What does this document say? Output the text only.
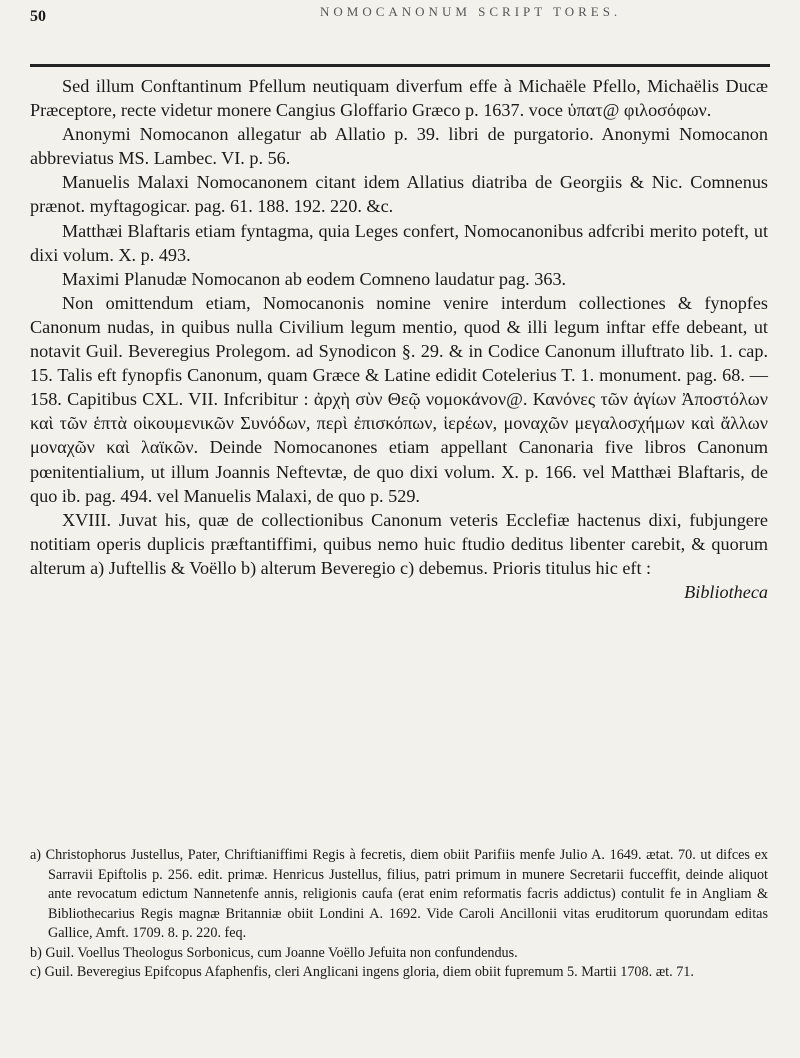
50	NOMOCANONUM SCRIPT TORES.

Sed illum Conftantinum Pfellum neutiquam diverfum effe à Michaële Pfello, Michaëlis Ducæ Præceptore, recte videtur monere Cangius Gloffario Græco p. 1637. voce ὑπατ@ φιλοσόφων.

Anonymi Nomocanon allegatur ab Allatio p. 39. libri de purgatorio. Anonymi Nomocanon abbreviatus MS. Lambec. VI. p. 56.

Manuelis Malaxi Nomocanonem citant idem Allatius diatriba de Georgiis & Nic. Comnenus prænot. myftagogicar. pag. 61. 188. 192. 220. &c.

Matthæi Blaftaris etiam fyntagma, quia Leges confert, Nomocanonibus adfcribi merito poteft, ut dixi volum. X. p. 493.

Maximi Planudæ Nomocanon ab eodem Comneno laudatur pag. 363.

Non omittendum etiam, Nomocanonis nomine venire interdum collectiones & fynopfes Canonum nudas, in quibus nulla Civilium legum mentio, quod & illi legum inftar effe debeant, ut notavit Guil. Beveregius Prolegom. ad Synodicon §. 29. & in Codice Canonum illuftrato lib. 1. cap. 15. Talis eft fynopfis Canonum, quam Græce & Latine edidit Cotelerius T. 1. monument. pag. 68. — 158. Capitibus CXL. VII. Infcribitur : ἀρχὴ σὺν Θεῷ νομοκάνον@. Κανόνες τῶν ἁγίων Ἀποστόλων καὶ τῶν ἑπτὰ οἰκουμενικῶν Συνόδων, περὶ ἐπισκόπων, ἱερέων, μοναχῶν μεγαλοσχήμων καὶ ἄλλων μοναχῶν καὶ λαϊκῶν. Deinde Nomocanones etiam appellant Canonaria five libros Canonum pœnitentialium, ut illum Joannis Neftevtæ, de quo dixi volum. X. p. 166. vel Matthæi Blaftaris, de quo ib. pag. 494. vel Manuelis Malaxi, de quo p. 529.

XVIII. Juvat his, quæ de collectionibus Canonum veteris Ecclefiæ hactenus dixi, fubjungere notitiam operis duplicis præftantiffimi, quibus nemo huic ftudio deditus libenter carebit, & quorum alterum a) Juftellis & Voëllo b) alterum Beveregio c) debemus. Prioris titulus hic eft :

Bibliotheca

a) Christophorus Justellus, Pater, Chriftianiffimi Regis à fecretis, diem obiit Parifiis menfe Julio A. 1649. ætat. 70. ut difces ex Sarravii Epiftolis p. 256. edit. primæ. Henricus Justellus, filius, patri primum in munere Secretarii fucceffit, deinde aliquot ante revocatum edictum Nannetenfe annis, religionis caufa (erat enim reformatis facris addictus) contulit fe in Angliam & Bibliothecarius Regis magnæ Britanniæ obiit Londini A. 1692. Vide Caroli Ancillonii vitas eruditorum quorundam editas Gallice, Amft. 1709. 8. p. 220. feq.

b) Guil. Voellus Theologus Sorbonicus, cum Joanne Voëllo Jefuita non confundendus.

c) Guil. Beveregius Epifcopus Afaphenfis, cleri Anglicani ingens gloria, diem obiit fupremum 5. Martii 1708. æt. 71.
